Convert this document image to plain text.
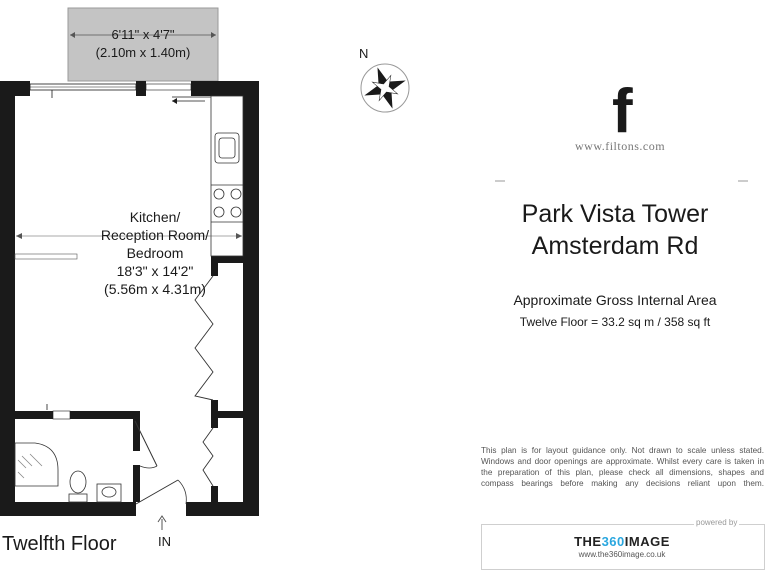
f
Kitchen/
Reception Room/
Bedroom
18'3" x 14'2"
(5.56m x 4.31m)
6'11" x 4'7"
(2.10m x 1.40m)
Twelfth Floor	IN
N
www.filtons.com
Park Vista Tower
Amsterdam Rd
Approximate Gross Internal Area
Twelve Floor = 33.2 sq m / 358 sq ft
This plan is for layout guidance only. Not drawn to scale unless stated. Windows and door openings are approximate. Whilst every care is taken in the preparation of this plan, please check all dimensions, shapes and compass bearings before making any decisions reliant upon them.
powered by
THE360IMAGE
www.the360image.co.uk
